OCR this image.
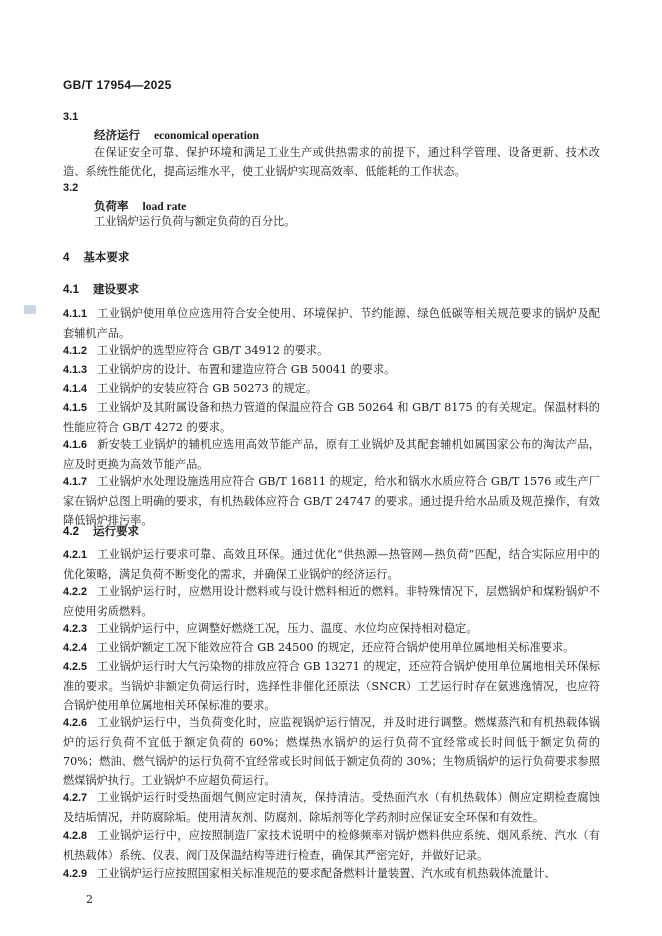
GB/T 17954—2025
3.1
经济运行 economical operation
在保证安全可靠、保护环境和满足工业生产或供热需求的前提下，通过科学管理、设备更新、技术改造、系统性能优化，提高运维水平，使工业锅炉实现高效率、低能耗的工作状态。
3.2
负荷率 load rate
工业锅炉运行负荷与额定负荷的百分比。
4 基本要求
4.1 建设要求
4.1.1 工业锅炉使用单位应选用符合安全使用、环境保护、节约能源、绿色低碳等相关规范要求的锅炉及配套辅机产品。
4.1.2 工业锅炉的选型应符合 GB/T 34912 的要求。
4.1.3 工业锅炉房的设计、布置和建造应符合 GB 50041 的要求。
4.1.4 工业锅炉的安装应符合 GB 50273 的规定。
4.1.5 工业锅炉及其附属设备和热力管道的保温应符合 GB 50264 和 GB/T 8175 的有关规定。保温材料的性能应符合 GB/T 4272 的要求。
4.1.6 新安装工业锅炉的辅机应选用高效节能产品，原有工业锅炉及其配套辅机如属国家公布的淘汰产品，应及时更换为高效节能产品。
4.1.7 工业锅炉水处理设施选用应符合 GB/T 16811 的规定，给水和锅水水质应符合 GB/T 1576 或生产厂家在锅炉总图上明确的要求，有机热载体应符合 GB/T 24747 的要求。通过提升给水品质及规范操作，有效降低锅炉排污率。
4.2 运行要求
4.2.1 工业锅炉运行要求可靠、高效且环保。通过优化“供热源—热管网—热负荷”匹配，结合实际应用中的优化策略，满足负荷不断变化的需求，并确保工业锅炉的经济运行。
4.2.2 工业锅炉运行时，应燃用设计燃料或与设计燃料相近的燃料。非特殊情况下，层燃锅炉和煤粉锅炉不应使用劣质燃料。
4.2.3 工业锅炉运行中，应调整好燃烧工况，压力、温度、水位均应保持相对稳定。
4.2.4 工业锅炉额定工况下能效应符合 GB 24500 的规定，还应符合锅炉使用单位属地相关标准要求。
4.2.5 工业锅炉运行时大气污染物的排放应符合 GB 13271 的规定，还应符合锅炉使用单位属地相关环保标准的要求。当锅炉非额定负荷运行时，选择性非催化还原法（SNCR）工艺运行时存在氨逃逸情况，也应符合锅炉使用单位属地相关环保标准的要求。
4.2.6 工业锅炉运行中，当负荷变化时，应监视锅炉运行情况，并及时进行调整。燃煤蒸汽和有机热载体锅炉的运行负荷不宜低于额定负荷的 60%；燃煤热水锅炉的运行负荷不宜经常或长时间低于额定负荷的 70%；燃油、燃气锅炉的运行负荷不宜经常或长时间低于额定负荷的 30%；生物质锅炉的运行负荷要求参照燃煤锅炉执行。工业锅炉不应超负荷运行。
4.2.7 工业锅炉运行时受热面烟气侧应定时清灰，保持清洁。受热面汽水（有机热载体）侧应定期检查腐蚀及结垢情况，并防腐除垢。使用清灰剂、防腐剂、除垢剂等化学药剂时应保证安全环保和有效性。
4.2.8 工业锅炉运行中，应按照制造厂家技术说明中的检修频率对锅炉燃料供应系统、烟风系统、汽水（有机热载体）系统、仪表、阀门及保温结构等进行检查，确保其严密完好，并做好记录。
4.2.9 工业锅炉运行应按照国家相关标准规范的要求配备燃料计量装置、汽水或有机热载体流量计、
2
